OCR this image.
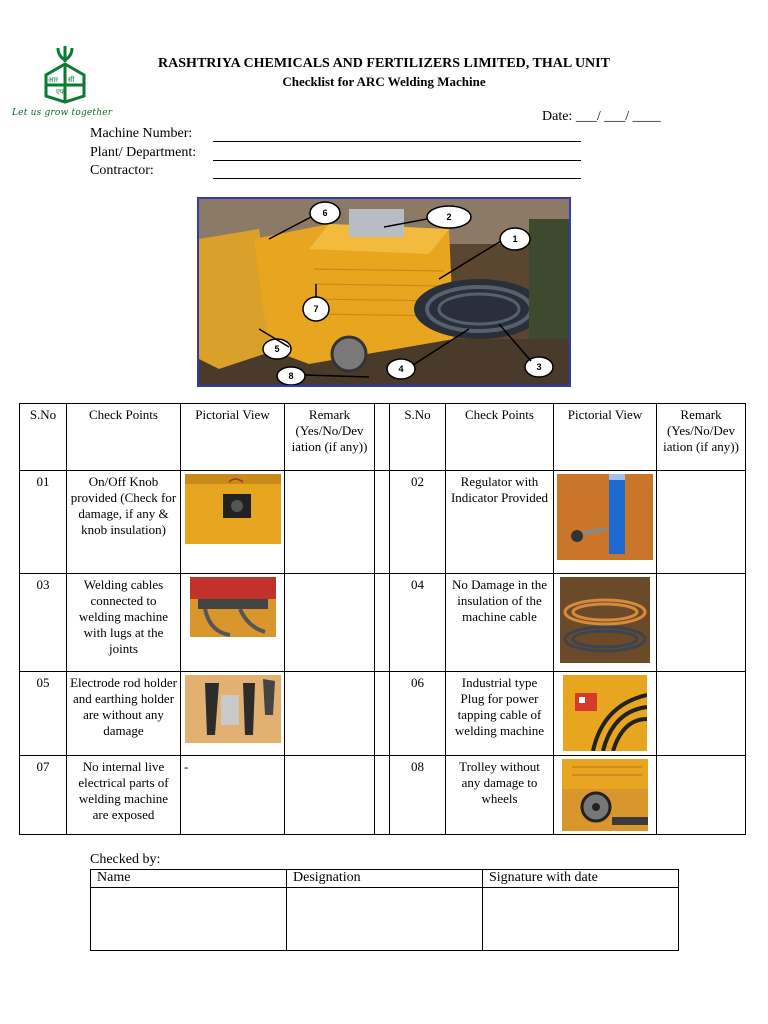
आर सी
एफ
Let us grow together
RASHTRIYA CHEMICALS AND FERTILIZERS LIMITED, THAL UNIT
Checklist for ARC Welding Machine
Date: ___/ ___/ ____
Machine Number:
Plant/ Department:
Contractor:
1
2
3
4
5
6
7
8
S.No	Check Points	Pictorial View	Remark (Yes/No/Dev iation (if any))		S.No	Check Points	Pictorial View	Remark (Yes/No/Dev iation (if any))
01	On/Off Knob provided (Check for damage, if any & knob insulation)				02	Regulator with Indicator Provided	

03	Welding cables connected to welding machine with lugs at the joints				04	No Damage in the insulation of the machine cable	

05	Electrode rod holder and earthing holder are without any damage				06	Industrial type Plug for power tapping cable of welding machine	

07	No internal live electrical parts of welding machine are exposed	-			08	Trolley without any damage to wheels	

Checked by:
Name	Designation	Signature with date
